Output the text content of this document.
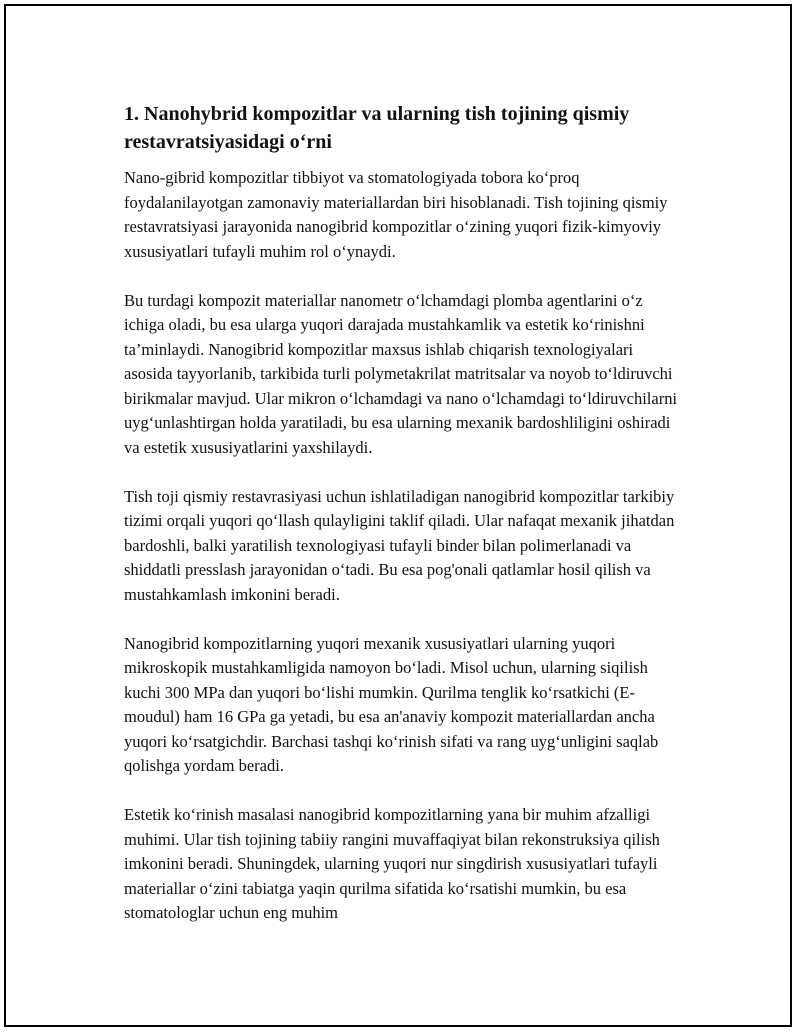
1. Nanohybrid kompozitlar va ularning tish tojining qismiy restavratsiyasidagi o‘rni

Nano-gibrid kompozitlar tibbiyot va stomatologiyada tobora ko‘proq foydalanilayotgan zamonaviy materiallardan biri hisoblanadi. Tish tojining qismiy restavratsiyasi jarayonida nanogibrid kompozitlar o‘zining yuqori fizik-kimyoviy xususiyatlari tufayli muhim rol o‘ynaydi.

Bu turdagi kompozit materiallar nanometr o‘lchamdagi plomba agentlarini o‘z ichiga oladi, bu esa ularga yuqori darajada mustahkamlik va estetik ko‘rinishni ta’minlaydi. Nanogibrid kompozitlar maxsus ishlab chiqarish texnologiyalari asosida tayyorlanib, tarkibida turli polymetakrilat matritsalar va noyob to‘ldiruvchi birikmalar mavjud. Ular mikron o‘lchamdagi va nano o‘lchamdagi to‘ldiruvchilarni uyg‘unlashtirgan holda yaratiladi, bu esa ularning mexanik bardoshliligini oshiradi va estetik xususiyatlarini yaxshilaydi.

Tish toji qismiy restavrasiyasi uchun ishlatiladigan nanogibrid kompozitlar tarkibiy tizimi orqali yuqori qo‘llash qulayligini taklif qiladi. Ular nafaqat mexanik jihatdan bardoshli, balki yaratilish texnologiyasi tufayli binder bilan polimerlanadi va shiddatli presslash jarayonidan o‘tadi. Bu esa pog'onali qatlamlar hosil qilish va mustahkamlash imkonini beradi.

Nanogibrid kompozitlarning yuqori mexanik xususiyatlari ularning yuqori mikroskopik mustahkamligida namoyon bo‘ladi. Misol uchun, ularning siqilish kuchi 300 MPa dan yuqori bo‘lishi mumkin. Qurilma tenglik ko‘rsatkichi (E-moudul) ham 16 GPa ga yetadi, bu esa an'anaviy kompozit materiallardan ancha yuqori ko‘rsatgichdir. Barchasi tashqi ko‘rinish sifati va rang uyg‘unligini saqlab qolishga yordam beradi.

Estetik ko‘rinish masalasi nanogibrid kompozitlarning yana bir muhim afzalligi muhimi. Ular tish tojining tabiiy rangini muvaffaqiyat bilan rekonstruksiya qilish imkonini beradi. Shuningdek, ularning yuqori nur singdirish xususiyatlari tufayli materiallar o‘zini tabiatga yaqin qurilma sifatida ko‘rsatishi mumkin, bu esa stomatologlar uchun eng muhim
